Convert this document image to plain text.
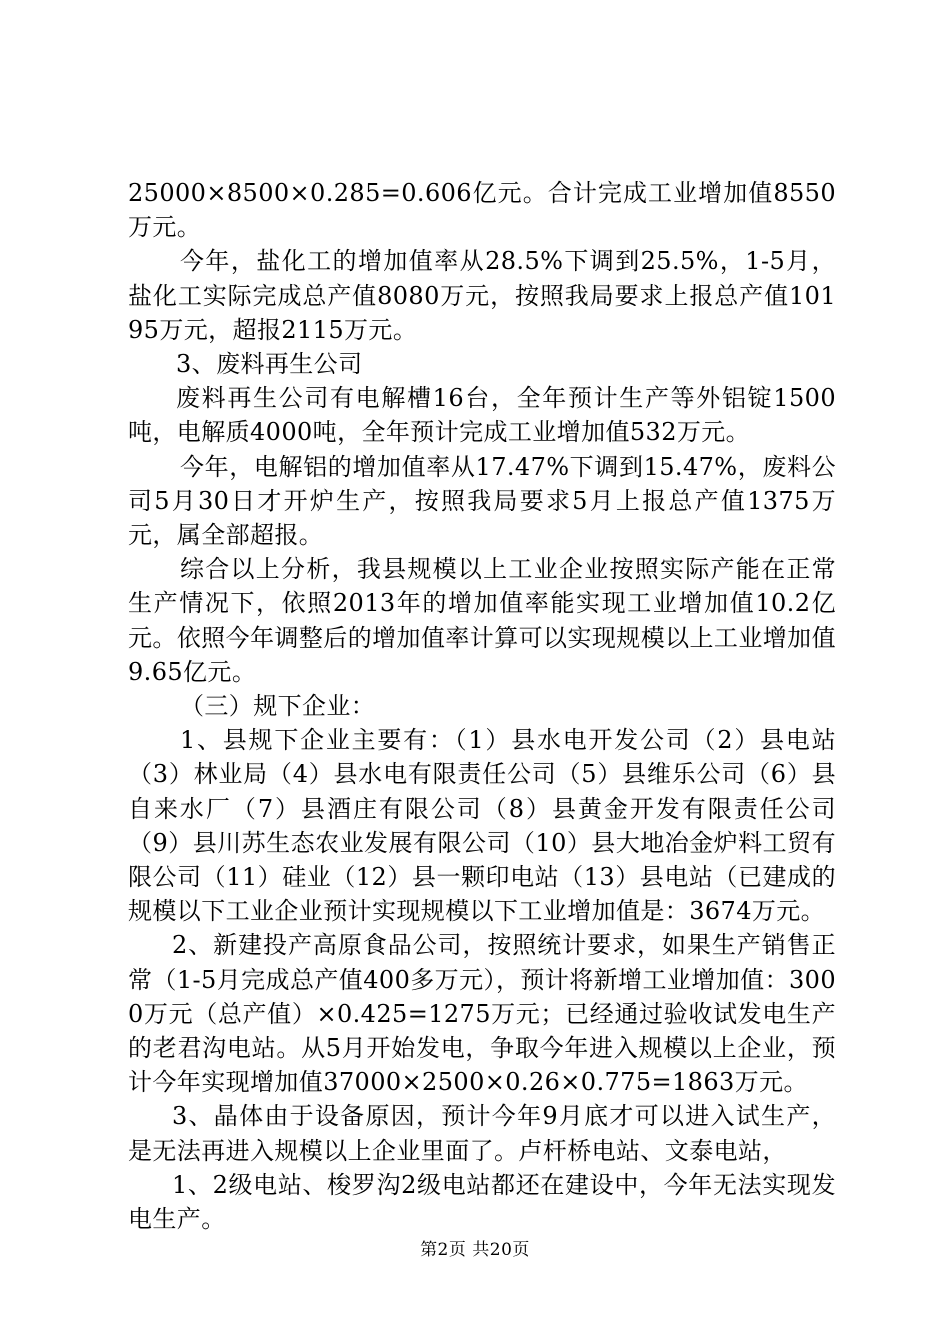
25000×8500×0.285=0.606亿元。合计完成工业增加值8550万元。

今年，盐化工的增加值率从28.5%下调到25.5%，1-5月，盐化工实际完成总产值8080万元，按照我局要求上报总产值10195万元，超报2115万元。

3、废料再生公司

废料再生公司有电解槽16台，全年预计生产等外铝锭1500吨，电解质4000吨，全年预计完成工业增加值532万元。

今年，电解铝的增加值率从17.47%下调到15.47%，废料公司5月30日才开炉生产，按照我局要求5月上报总产值1375万元，属全部超报。

综合以上分析，我县规模以上工业企业按照实际产能在正常生产情况下，依照2013年的增加值率能实现工业增加值10.2亿元。依照今年调整后的增加值率计算可以实现规模以上工业增加值9.65亿元。

（三）规下企业：

1、县规下企业主要有：（1）县水电开发公司（2）县电站（3）林业局（4）县水电有限责任公司（5）县维乐公司（6）县自来水厂（7）县酒庄有限公司（8）县黄金开发有限责任公司（9）县川苏生态农业发展有限公司（10）县大地冶金炉料工贸有限公司（11）硅业（12）县一颗印电站（13）县电站（已建成的规模以下工业企业预计实现规模以下工业增加值是：3674万元。

2、新建投产高原食品公司，按照统计要求，如果生产销售正常（1-5月完成总产值400多万元），预计将新增工业增加值：3000万元（总产值）×0.425=1275万元；已经通过验收试发电生产的老君沟电站。从5月开始发电，争取今年进入规模以上企业，预计今年实现增加值37000×2500×0.26×0.775=1863万元。

3、晶体由于设备原因，预计今年9月底才可以进入试生产，是无法再进入规模以上企业里面了。卢杆桥电站、文泰电站，

1、2级电站、梭罗沟2级电站都还在建设中，今年无法实现发电生产。

第2页 共20页
